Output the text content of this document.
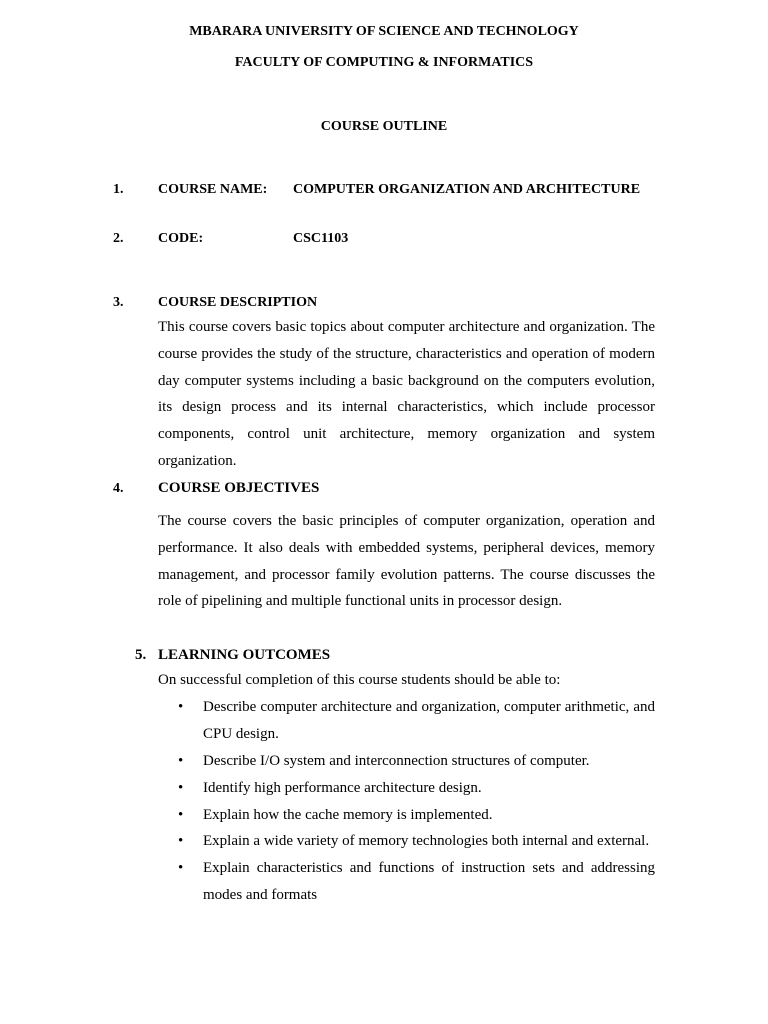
MBARARA UNIVERSITY OF SCIENCE AND TECHNOLOGY
FACULTY OF COMPUTING & INFORMATICS
COURSE OUTLINE
1. COURSE NAME: COMPUTER ORGANIZATION AND ARCHITECTURE
2. CODE:	CSC1103
3. COURSE DESCRIPTION
This course covers basic topics about computer architecture and organization. The course provides the study of the structure, characteristics and operation of modern day computer systems including a basic background on the computers evolution, its design process and its internal characteristics, which include processor components, control unit architecture, memory organization and system organization.
4. COURSE OBJECTIVES
The course covers the basic principles of computer organization, operation and performance. It also deals with embedded systems, peripheral devices, memory management, and processor family evolution patterns. The course discusses the role of pipelining and multiple functional units in processor design.
5. LEARNING OUTCOMES
On successful completion of this course students should be able to:
• Describe computer architecture and organization, computer arithmetic, and CPU design.
• Describe I/O system and interconnection structures of computer.
• Identify high performance architecture design.
• Explain how the cache memory is implemented.
• Explain a wide variety of memory technologies both internal and external.
• Explain characteristics and functions of instruction sets and addressing modes and formats
